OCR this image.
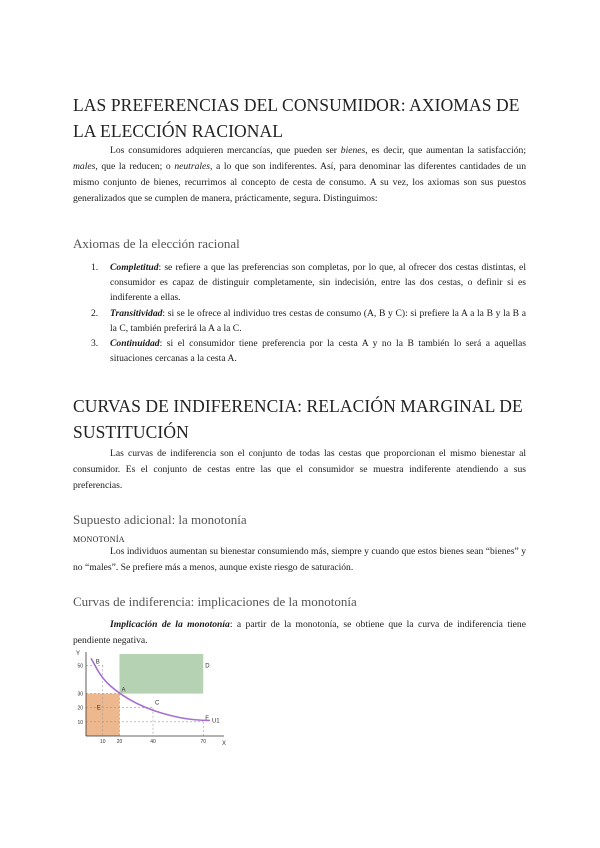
LAS PREFERENCIAS DEL CONSUMIDOR: AXIOMAS DE LA ELECCIÓN RACIONAL

Los consumidores adquieren mercancías, que pueden ser bienes, es decir, que aumentan la satisfacción; males, que la reducen; o neutrales, a lo que son indiferentes. Así, para denominar las diferentes cantidades de un mismo conjunto de bienes, recurrimos al concepto de cesta de consumo. A su vez, los axiomas son sus puestos generalizados que se cumplen de manera, prácticamente, segura. Distinguimos:

Axiomas de la elección racional
1. Completitud: se refiere a que las preferencias son completas, por lo que, al ofrecer dos cestas distintas, el consumidor es capaz de distinguir completamente, sin indecisión, entre las dos cestas, o definir si es indiferente a ellas.
2. Transitividad: si se le ofrece al individuo tres cestas de consumo (A, B y C): si prefiere la A a la B y la B a la C, también preferirá la A a la C.
3. Continuidad: si el consumidor tiene preferencia por la cesta A y no la B también lo será a aquellas situaciones cercanas a la cesta A.
CURVAS DE INDIFERENCIA: RELACIÓN MARGINAL DE SUSTITUCIÓN

Las curvas de indiferencia son el conjunto de todas las cestas que proporcionan el mismo bienestar al consumidor. Es el conjunto de cestas entre las que el consumidor se muestra indiferente atendiendo a sus preferencias.

Supuesto adicional: la monotonía
MONOTONÍA

Los individuos aumentan su bienestar consumiendo más, siempre y cuando que estos bienes sean “bienes” y no “males”. Se prefiere más a menos, aunque existe riesgo de saturación.

Curvas de indiferencia: implicaciones de la monotonía

Implicación de la monotonía: a partir de la monotonía, se obtiene que la curva de indiferencia tiene pendiente negativa.

Y
X
10
20
30
50
10 20	40	70
U1
A
B
C
D
E
F
